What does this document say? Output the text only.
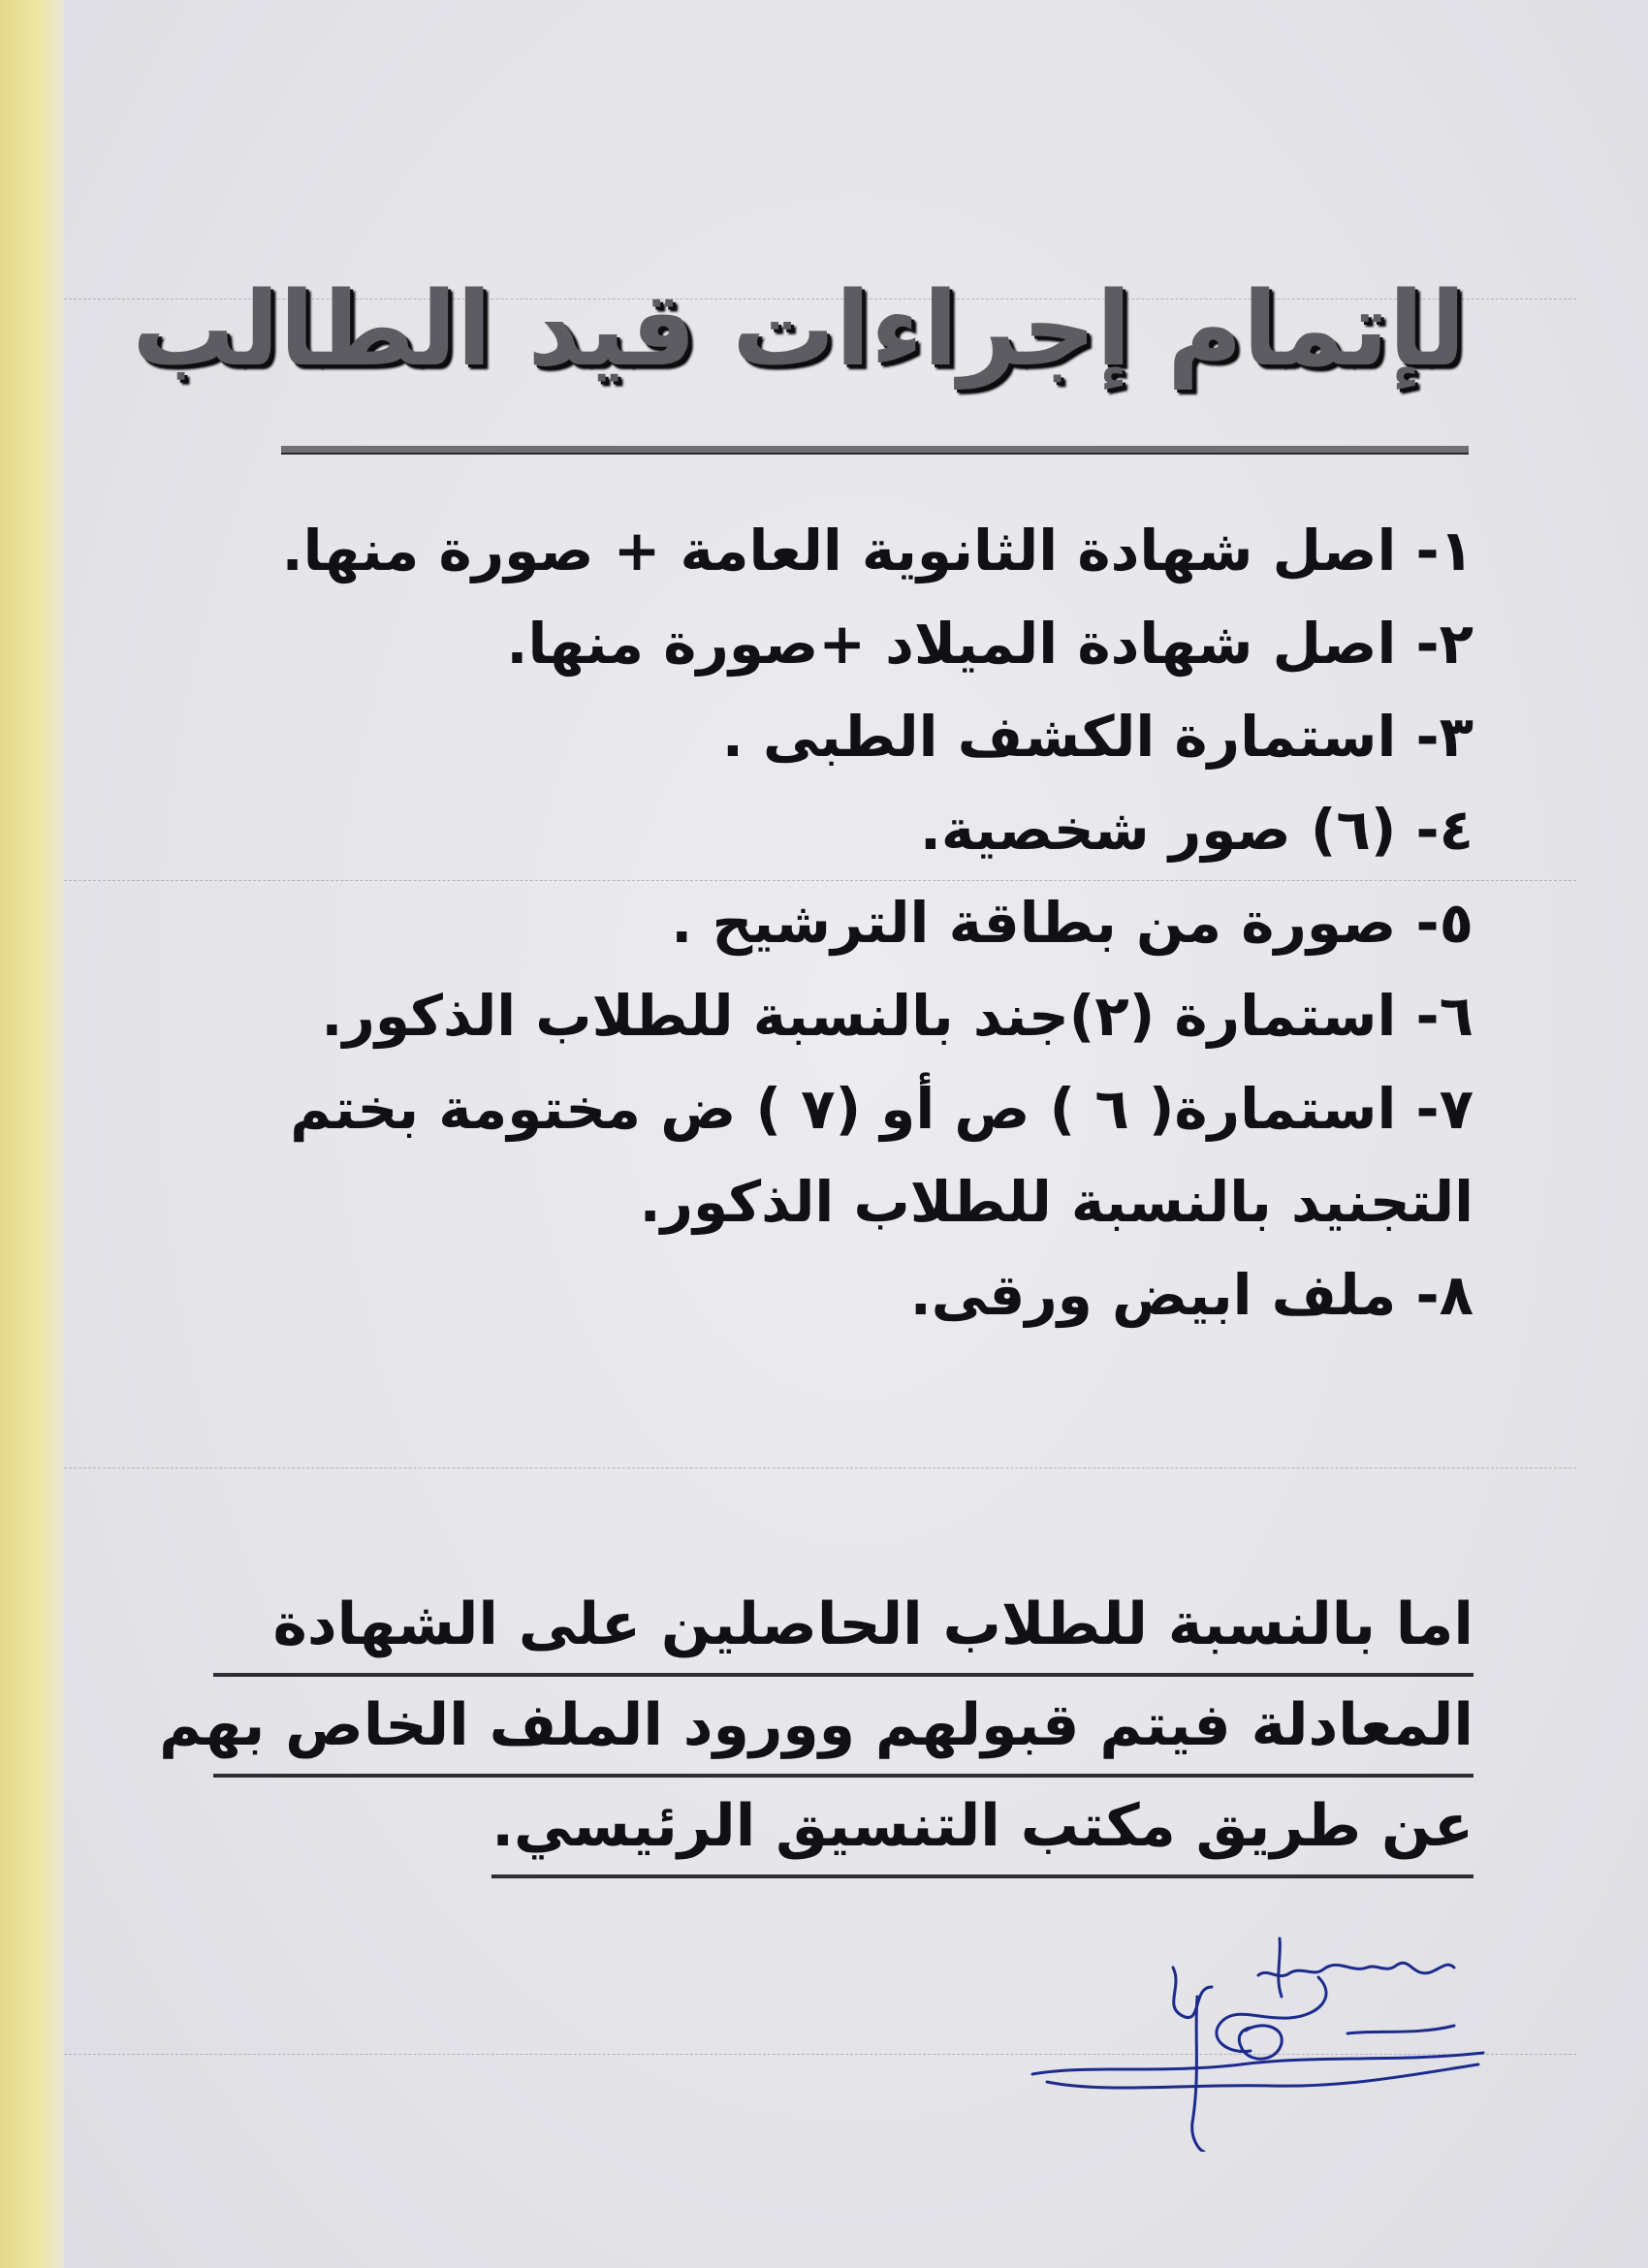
لإتمام إجراءات قيد الطالب
١- اصل شهادة الثانوية العامة + صورة منها.
٢- اصل شهادة الميلاد +صورة منها.
٣- استمارة الكشف الطبى .
٤- (٦) صور شخصية.
٥- صورة من بطاقة الترشيح .
٦- استمارة (٢)جند بالنسبة للطلاب الذكور.
٧- استمارة( ٦ ) ص أو (٧ ) ض مختومة بختم التجنيد بالنسبة للطلاب الذكور.
٨- ملف ابيض ورقى.
اما بالنسبة للطلاب الحاصلين على الشهادة
المعادلة فيتم قبولهم وورود الملف الخاص بهم
عن طريق مكتب التنسيق الرئيسي.
